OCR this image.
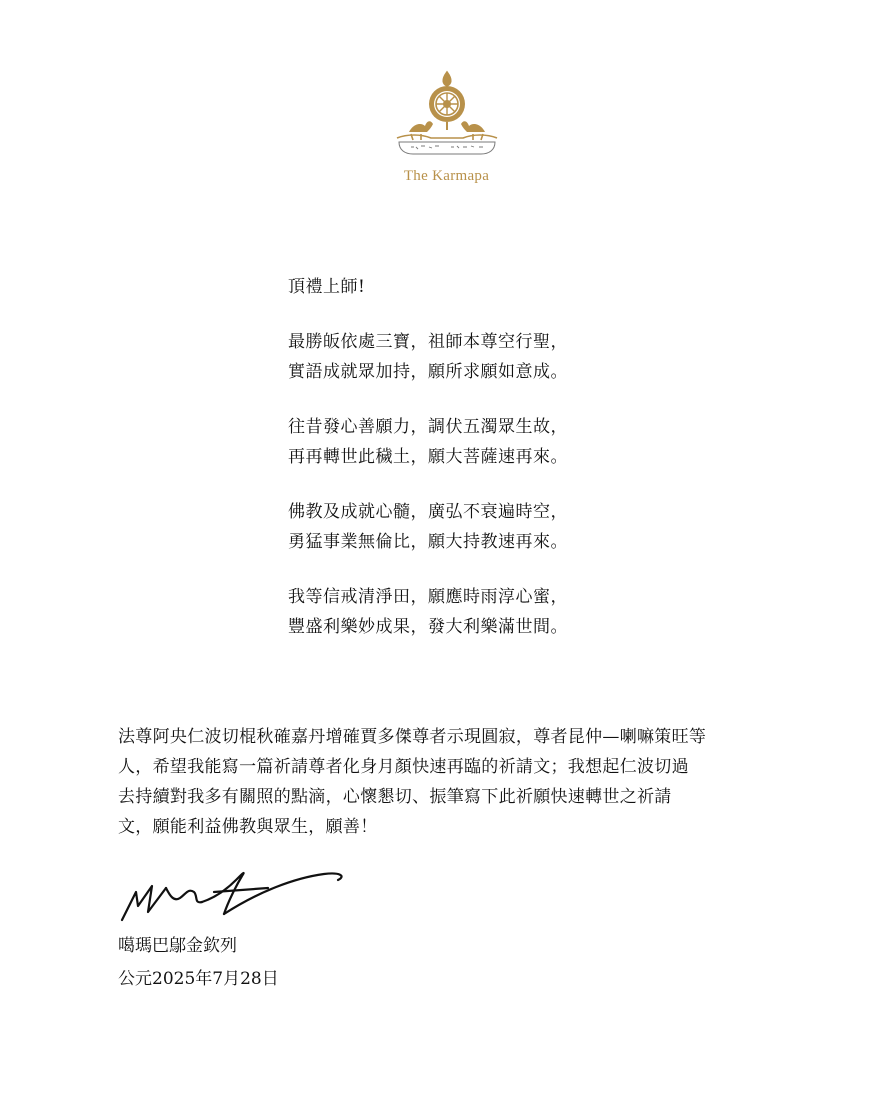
The Karmapa
頂禮上師!
最勝皈依處三寶，祖師本尊空行聖，
實語成就眾加持，願所求願如意成。
往昔發心善願力，調伏五濁眾生故，
再再轉世此穢土，願大菩薩速再來。
佛教及成就心髓，廣弘不衰遍時空，
勇猛事業無倫比，願大持教速再來。
我等信戒清淨田，願應時雨淳心蜜，
豐盛利樂妙成果，發大利樂滿世間。
法尊阿央仁波切棍秋確嘉丹增確賈多傑尊者示現圓寂，尊者昆仲—喇嘛策旺等
人，希望我能寫一篇祈請尊者化身月顏快速再臨的祈請文；我想起仁波切過
去持續對我多有關照的點滴，心懷懇切、振筆寫下此祈願快速轉世之祈請
文，願能利益佛教與眾生，願善！
噶瑪巴鄔金欽列
公元2025年7月28日
